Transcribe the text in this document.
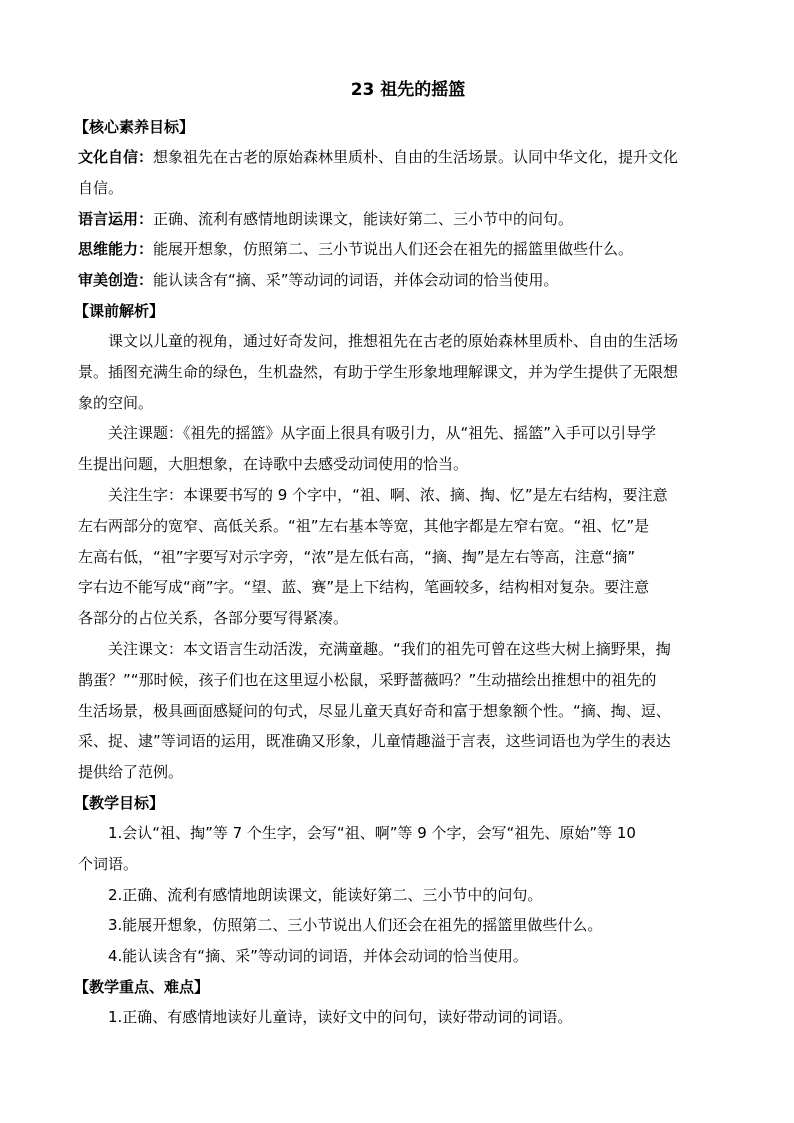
23 祖先的摇篮
【核心素养目标】

文化自信：想象祖先在古老的原始森林里质朴、自由的生活场景。认同中华文化，提升文化

自信。

语言运用：正确、流利有感情地朗读课文，能读好第二、三小节中的问句。

思维能力：能展开想象，仿照第二、三小节说出人们还会在祖先的摇篮里做些什么。

审美创造：能认读含有“摘、采”等动词的词语，并体会动词的恰当使用。

【课前解析】

课文以儿童的视角，通过好奇发问，推想祖先在古老的原始森林里质朴、自由的生活场

景。插图充满生命的绿色，生机盎然，有助于学生形象地理解课文，并为学生提供了无限想

象的空间。

关注课题：《祖先的摇篮》从字面上很具有吸引力，从“祖先、摇篮”入手可以引导学

生提出问题，大胆想象，在诗歌中去感受动词使用的恰当。

关注生字：本课要书写的 9 个字中，“祖、啊、浓、摘、掏、忆”是左右结构，要注意

左右两部分的宽窄、高低关系。“祖”左右基本等宽，其他字都是左窄右宽。“祖、忆”是

左高右低，“祖”字要写对示字旁，“浓”是左低右高，“摘、掏”是左右等高，注意“摘”

字右边不能写成“商”字。“望、蓝、赛”是上下结构，笔画较多，结构相对复杂。要注意

各部分的占位关系，各部分要写得紧凑。

关注课文：本文语言生动活泼，充满童趣。“我们的祖先可曾在这些大树上摘野果，掏

鹊蛋？”“那时候，孩子们也在这里逗小松鼠，采野蔷薇吗？”生动描绘出推想中的祖先的

生活场景，极具画面感疑问的句式，尽显儿童天真好奇和富于想象额个性。“摘、掏、逗、

采、捉、逮”等词语的运用，既准确又形象，儿童情趣溢于言表，这些词语也为学生的表达

提供给了范例。

【教学目标】

1.会认“祖、掏”等 7 个生字，会写“祖、啊”等 9 个字，会写“祖先、原始”等 10

个词语。

2.正确、流利有感情地朗读课文，能读好第二、三小节中的问句。

3.能展开想象，仿照第二、三小节说出人们还会在祖先的摇篮里做些什么。

4.能认读含有“摘、采”等动词的词语，并体会动词的恰当使用。

【教学重点、难点】

1.正确、有感情地读好儿童诗，读好文中的问句，读好带动词的词语。
